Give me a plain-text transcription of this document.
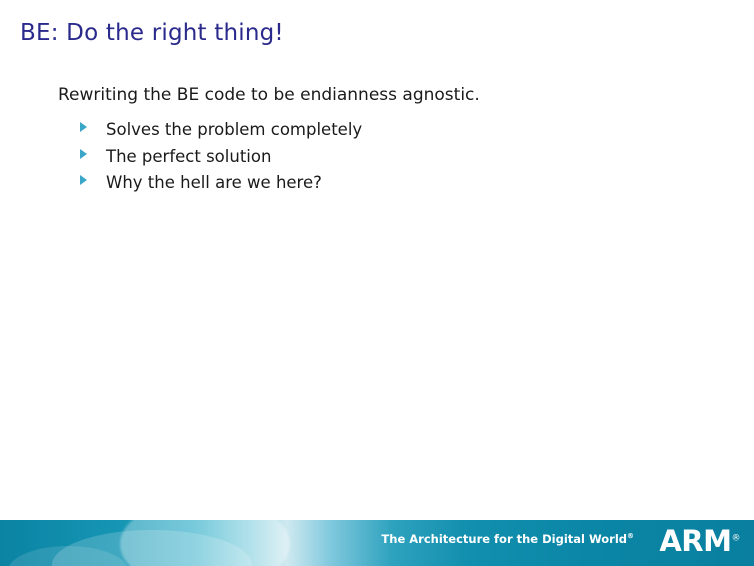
BE: Do the right thing!
Rewriting the BE code to be endianness agnostic.
Solves the problem completely
The perfect solution
Why the hell are we here?
The Architecture for the Digital World® ARM®
